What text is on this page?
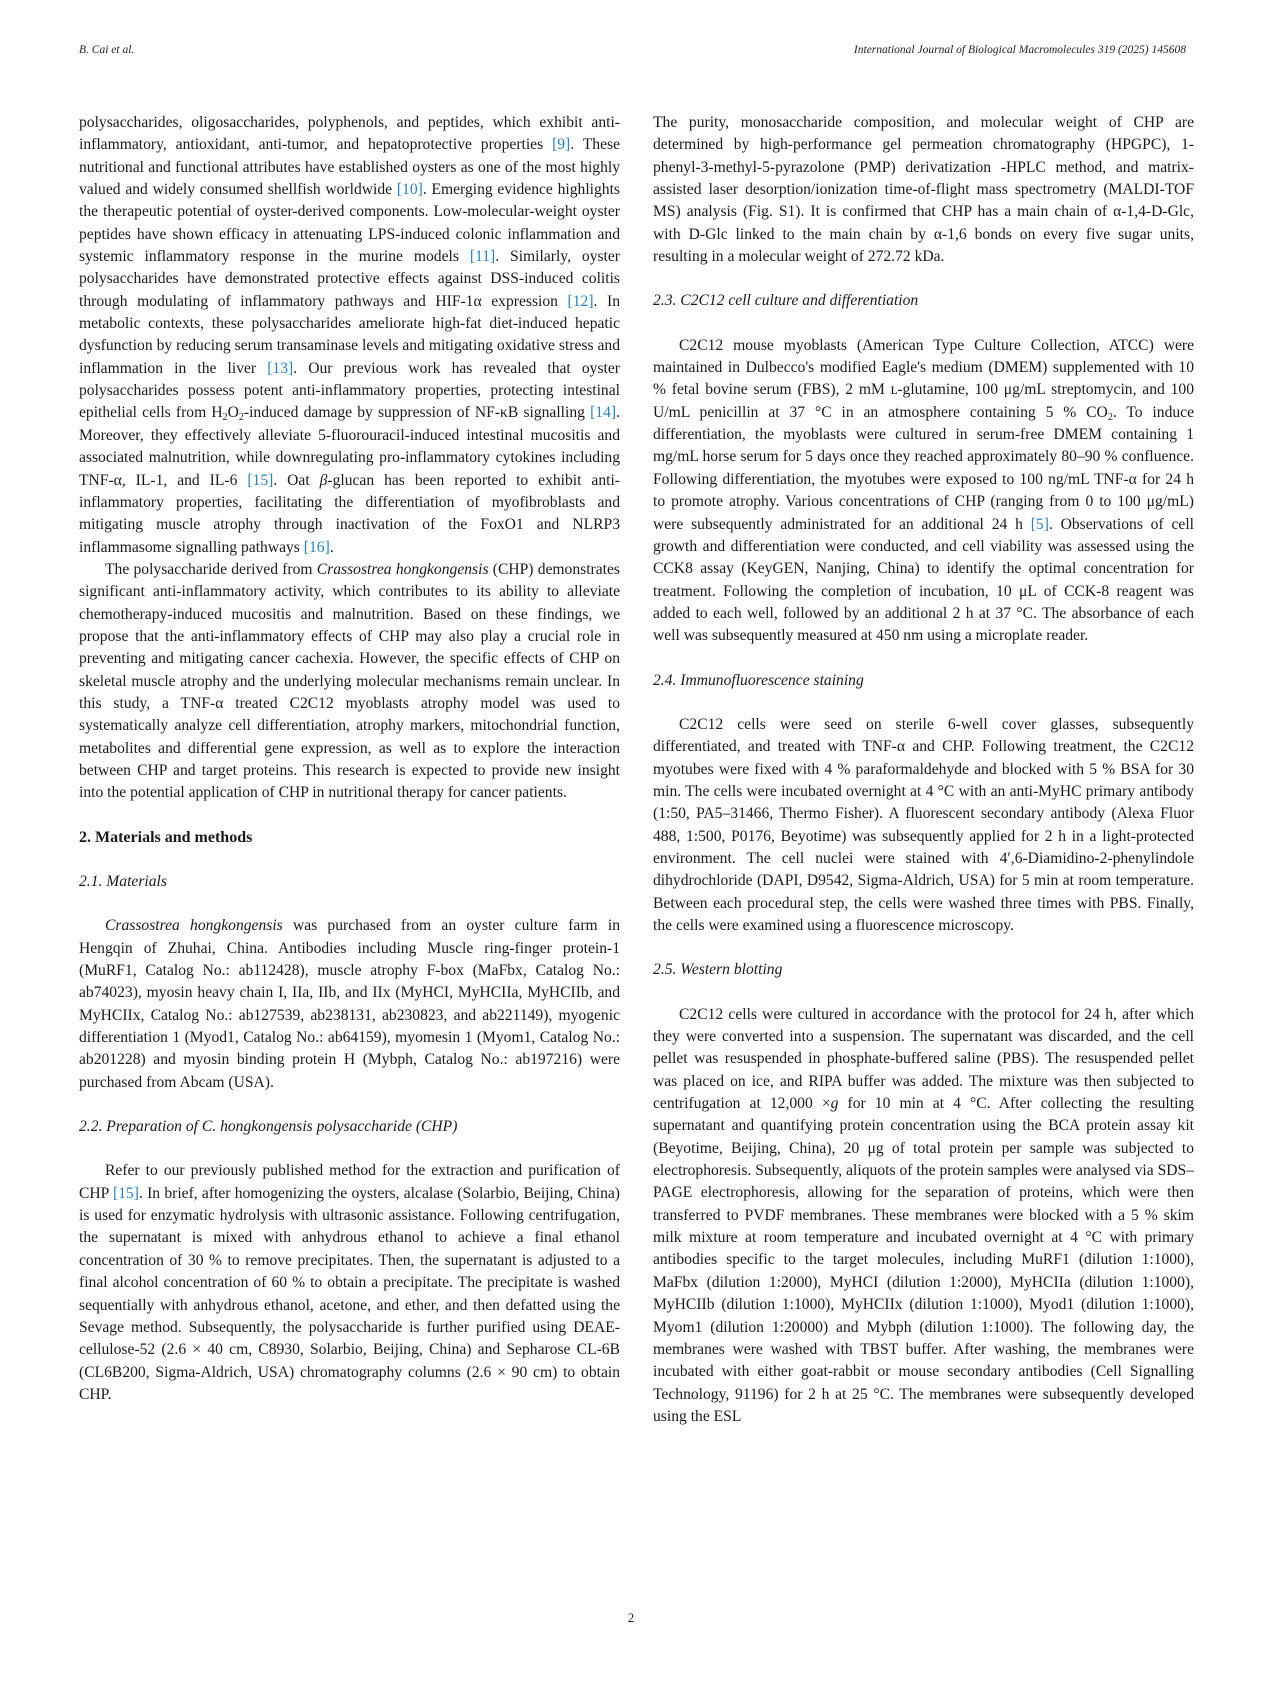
B. Cai et al.	International Journal of Biological Macromolecules 319 (2025) 145608

polysaccharides, oligosaccharides, polyphenols, and peptides, which exhibit anti-inflammatory, antioxidant, anti-tumor, and hepatoprotective properties [9]. These nutritional and functional attributes have established oysters as one of the most highly valued and widely consumed shellfish worldwide [10]. Emerging evidence highlights the therapeutic potential of oyster-derived components. Low-molecular-weight oyster peptides have shown efficacy in attenuating LPS-induced colonic inflammation and systemic inflammatory response in the murine models [11]. Similarly, oyster polysaccharides have demonstrated protective effects against DSS-induced colitis through modulating of inflammatory pathways and HIF-1α expression [12]. In metabolic contexts, these polysaccharides ameliorate high-fat diet-induced hepatic dysfunction by reducing serum transaminase levels and mitigating oxidative stress and inflammation in the liver [13]. Our previous work has revealed that oyster polysaccharides possess potent anti-inflammatory properties, protecting intestinal epithelial cells from $H_2O_2$-induced damage by suppression of NF-κB signalling [14]. Moreover, they effectively alleviate 5-fluorouracil-induced intestinal mucositis and associated malnutrition, while downregulating pro-inflammatory cytokines including TNF-α, IL-1, and IL-6 [15]. Oat β-glucan has been reported to exhibit anti-inflammatory properties, facilitating the differentiation of myofibroblasts and mitigating muscle atrophy through inactivation of the FoxO1 and NLRP3 inflammasome signalling pathways [16].

The polysaccharide derived from Crassostrea hongkongensis (CHP) demonstrates significant anti-inflammatory activity, which contributes to its ability to alleviate chemotherapy-induced mucositis and malnutrition. Based on these findings, we propose that the anti-inflammatory effects of CHP may also play a crucial role in preventing and mitigating cancer cachexia. However, the specific effects of CHP on skeletal muscle atrophy and the underlying molecular mechanisms remain unclear. In this study, a TNF-α treated C2C12 myoblasts atrophy model was used to systematically analyze cell differentiation, atrophy markers, mitochondrial function, metabolites and differential gene expression, as well as to explore the interaction between CHP and target proteins. This research is expected to provide new insight into the potential application of CHP in nutritional therapy for cancer patients.

2. Materials and methods

2.1. Materials

Crassostrea hongkongensis was purchased from an oyster culture farm in Hengqin of Zhuhai, China. Antibodies including Muscle ring-finger protein-1 (MuRF1, Catalog No.: ab112428), muscle atrophy F-box (MaFbx, Catalog No.: ab74023), myosin heavy chain I, IIa, IIb, and IIx (MyHCI, MyHCIIa, MyHCIIb, and MyHCIIx, Catalog No.: ab127539, ab238131, ab230823, and ab221149), myogenic differentiation 1 (Myod1, Catalog No.: ab64159), myomesin 1 (Myom1, Catalog No.: ab201228) and myosin binding protein H (Mybph, Catalog No.: ab197216) were purchased from Abcam (USA).

2.2. Preparation of C. hongkongensis polysaccharide (CHP)

Refer to our previously published method for the extraction and purification of CHP [15]. In brief, after homogenizing the oysters, alcalase (Solarbio, Beijing, China) is used for enzymatic hydrolysis with ultrasonic assistance. Following centrifugation, the supernatant is mixed with anhydrous ethanol to achieve a final ethanol concentration of 30 % to remove precipitates. Then, the supernatant is adjusted to a final alcohol concentration of 60 % to obtain a precipitate. The precipitate is washed sequentially with anhydrous ethanol, acetone, and ether, and then defatted using the Sevage method. Subsequently, the polysaccharide is further purified using DEAE-cellulose-52 (2.6 × 40 cm, C8930, Solarbio, Beijing, China) and Sepharose CL-6B (CL6B200, Sigma-Aldrich, USA) chromatography columns (2.6 × 90 cm) to obtain CHP.

The purity, monosaccharide composition, and molecular weight of CHP are determined by high-performance gel permeation chromatography (HPGPC), 1-phenyl-3-methyl-5-pyrazolone (PMP) derivatization -HPLC method, and matrix-assisted laser desorption/ionization time-of-flight mass spectrometry (MALDI-TOF MS) analysis (Fig. S1). It is confirmed that CHP has a main chain of α-1,4-D-Glc, with D-Glc linked to the main chain by α-1,6 bonds on every five sugar units, resulting in a molecular weight of 272.72 kDa.

2.3. C2C12 cell culture and differentiation

C2C12 mouse myoblasts (American Type Culture Collection, ATCC) were maintained in Dulbecco's modified Eagle's medium (DMEM) supplemented with 10 % fetal bovine serum (FBS), 2 mM ʟ-glutamine, 100 μg/mL streptomycin, and 100 U/mL penicillin at 37 °C in an atmosphere containing 5 % $CO_2$. To induce differentiation, the myoblasts were cultured in serum-free DMEM containing 1 mg/mL horse serum for 5 days once they reached approximately 80–90 % confluence. Following differentiation, the myotubes were exposed to 100 ng/mL TNF-α for 24 h to promote atrophy. Various concentrations of CHP (ranging from 0 to 100 μg/mL) were subsequently administrated for an additional 24 h [5]. Observations of cell growth and differentiation were conducted, and cell viability was assessed using the CCK8 assay (KeyGEN, Nanjing, China) to identify the optimal concentration for treatment. Following the completion of incubation, 10 μL of CCK-8 reagent was added to each well, followed by an additional 2 h at 37 °C. The absorbance of each well was subsequently measured at 450 nm using a microplate reader.

2.4. Immunofluorescence staining

C2C12 cells were seed on sterile 6-well cover glasses, subsequently differentiated, and treated with TNF-α and CHP. Following treatment, the C2C12 myotubes were fixed with 4 % paraformaldehyde and blocked with 5 % BSA for 30 min. The cells were incubated overnight at 4 °C with an anti-MyHC primary antibody (1:50, PA5–31466, Thermo Fisher). A fluorescent secondary antibody (Alexa Fluor 488, 1:500, P0176, Beyotime) was subsequently applied for 2 h in a light-protected environment. The cell nuclei were stained with 4′,6-Diamidino-2-phenylindole dihydrochloride (DAPI, D9542, Sigma-Aldrich, USA) for 5 min at room temperature. Between each procedural step, the cells were washed three times with PBS. Finally, the cells were examined using a fluorescence microscopy.

2.5. Western blotting

C2C12 cells were cultured in accordance with the protocol for 24 h, after which they were converted into a suspension. The supernatant was discarded, and the cell pellet was resuspended in phosphate-buffered saline (PBS). The resuspended pellet was placed on ice, and RIPA buffer was added. The mixture was then subjected to centrifugation at 12,000 ×g for 10 min at 4 °C. After collecting the resulting supernatant and quantifying protein concentration using the BCA protein assay kit (Beyotime, Beijing, China), 20 μg of total protein per sample was subjected to electrophoresis. Subsequently, aliquots of the protein samples were analysed via SDS–PAGE electrophoresis, allowing for the separation of proteins, which were then transferred to PVDF membranes. These membranes were blocked with a 5 % skim milk mixture at room temperature and incubated overnight at 4 °C with primary antibodies specific to the target molecules, including MuRF1 (dilution 1:1000), MaFbx (dilution 1:2000), MyHCI (dilution 1:2000), MyHCIIa (dilution 1:1000), MyHCIIb (dilution 1:1000), MyHCIIx (dilution 1:1000), Myod1 (dilution 1:1000), Myom1 (dilution 1:20000) and Mybph (dilution 1:1000). The following day, the membranes were washed with TBST buffer. After washing, the membranes were incubated with either goat-rabbit or mouse secondary antibodies (Cell Signalling Technology, 91196) for 2 h at 25 °C. The membranes were subsequently developed using the ESL

2
